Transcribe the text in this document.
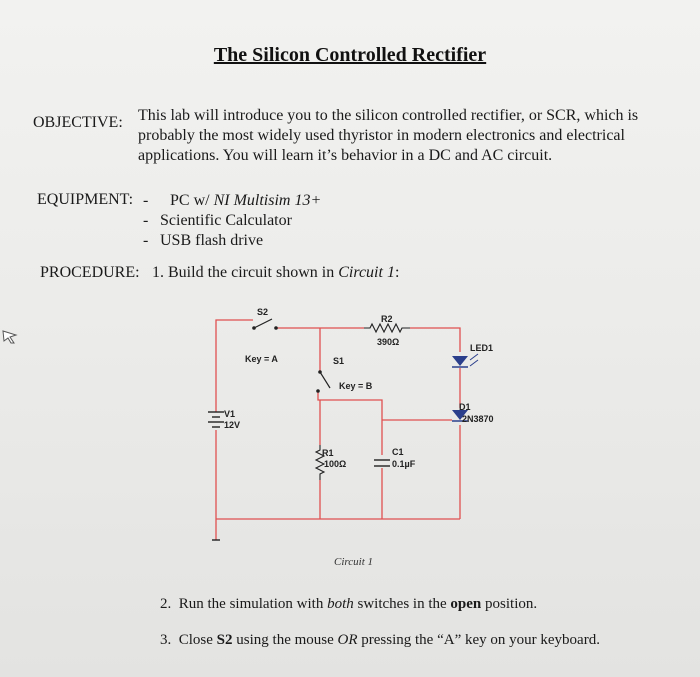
The Silicon Controlled Rectifier
OBJECTIVE: This lab will introduce you to the silicon controlled rectifier, or SCR, which is
probably the most widely used thyristor in modern electronics and electrical
applications. You will learn it’s behavior in a DC and AC circuit.
EQUIPMENT: - PC w/ NI Multisim 13+
- Scientific Calculator
- USB flash drive
PROCEDURE: 1. Build the circuit shown in Circuit 1:
S2
Key = A	S1
Key = B
R2
390Ω
LED1
V1
12V
D1
2N3870
R1
100Ω
C1
0.1µF
Circuit 1
2. Run the simulation with both switches in the open position.
3. Close S2 using the mouse OR pressing the “A” key on your keyboard.
